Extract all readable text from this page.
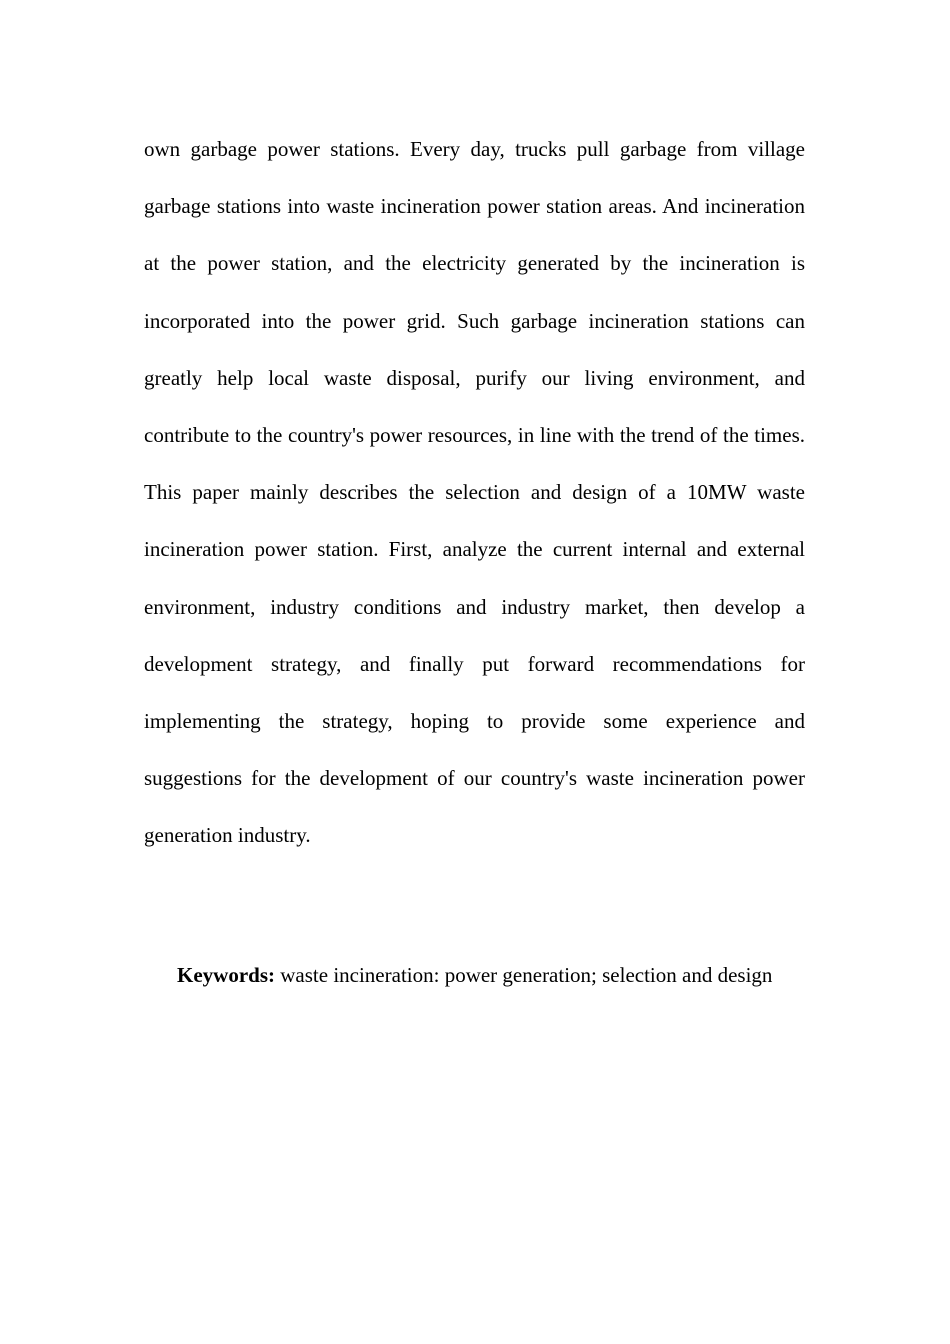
own garbage power stations. Every day, trucks pull garbage from village garbage stations into waste incineration power station areas. And incineration at the power station, and the electricity generated by the incineration is incorporated into the power grid. Such garbage incineration stations can greatly help local waste disposal, purify our living environment, and contribute to the country's power resources, in line with the trend of the times. This paper mainly describes the selection and design of a 10MW waste incineration power station. First, analyze the current internal and external environment, industry conditions and industry market, then develop a development strategy, and finally put forward recommendations for implementing the strategy, hoping to provide some experience and suggestions for the development of our country's waste incineration power generation industry.

Keywords: waste incineration: power generation; selection and design
